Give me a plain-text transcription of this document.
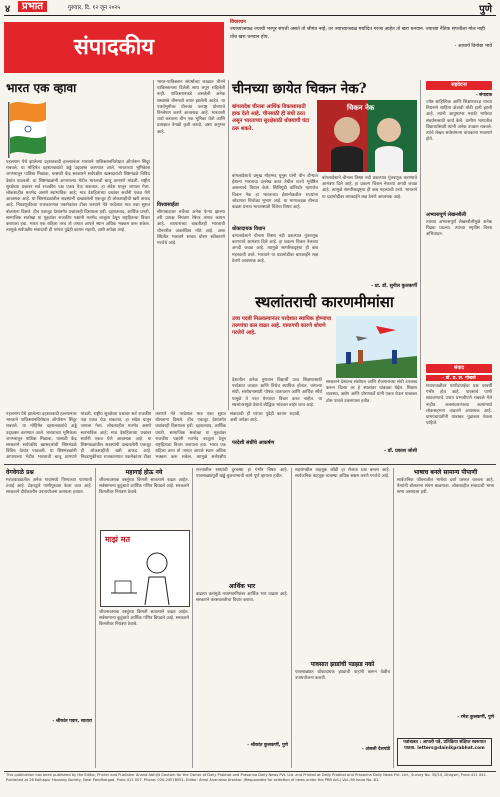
४	प्रभात	गुरुवार, दि. १२ जून २०२५	पुणे
विचारधन
ज्याच्याजवळ ज्याची भरपूर संपत्ती असते तो श्रीमंत नव्हे, तर ज्याच्याजवळ मर्यादित गरजा आहेत तो खरा धनवान. ज्याच्या नैतिक संपत्तीला मोल नाही तोच खरा धनवान होय.
- आचार्य विनोबा भावे
संपादकीय
भारत एक व्हावा
पहलगाम येथे झालेल्या दहशतवादी हल्ल्यानंतर भारताने पाकिस्तानविरोधात ऑपरेशन सिंदूर राबवले. या मोहिमेत दहशतवाद्यांचे अड्डे उद्ध्वस्त करण्यात आले. भारताच्या भूमिकेला जगभरातून पाठिंबा मिळावा, यासाठी केंद्र सरकारने सर्वपक्षीय खासदारांची शिष्टमंडळे विविध देशांत पाठवली. या शिष्टमंडळांनी आपापल्या भेटीत भारताची बाजू ठामपणे मांडली. राष्ट्रीय सुरक्षेच्या प्रश्नावर सर्व राजकीय पक्ष एकत्र येऊ शकतात, हा संदेश यातून जगाला गेला. लोकशाहीत मतभेद असणे स्वाभाविक आहे; मात्र देशहिताच्या प्रश्नांवर सर्वांनी एकत्र येणे आवश्यक आहे. या शिष्टमंडळांतील सदस्यांनी दाखवलेली एकजूट ही लोकशाहीची खरी ताकद आहे. निवडणुकीच्या राजकारणात एकमेकांवर टीका करणारे नेते परदेशात मात्र एका सुरात बोलताना दिसले. हीच एकजूट देशांतर्गत प्रश्नांवरही दिसायला हवी. दहशतवाद, आर्थिक प्रगती, सामाजिक सलोखा या मुद्द्यांवर राजकीय पक्षांनी मतभेद बाजूला ठेवून राष्ट्रहिताचा विचार करायला हवा. भारत एक राहिला तरच तो जगात आपले स्थान अधिक भक्कम करू शकेल. त्यामुळे सर्वपक्षीय संवादाची ही परंपरा पुढेही कायम राहावी, अशी अपेक्षा आहे.
भारत-पाकिस्तान संघर्षाच्या काळात चीनने पाकिस्तानला दिलेली साथ लपून राहिलेली नाही. पाकिस्तानकडे असलेली अनेक शस्त्रास्त्रे चीनमध्ये तयार झालेली आहेत. या पार्श्वभूमीवर चीनच्या परराष्ट्र धोरणाचे विश्लेषण करणे आवश्यक आहे. भारताशी चर्चा करताना चीन एक भूमिका घेतो आणि प्रत्यक्षात वेगळी कृती करतो, असा अनुभव आहे.
विश्वासार्हता
सीमावादावर चर्चेच्या अनेक फेऱ्या झाल्या तरी प्रत्यक्ष नियंत्रण रेषेवर तणाव कायम आहे. व्यापाराच्या बाबतीतही भारताची चीनवरील अवलंबित्व मोठे आहे. अशा स्थितीत भारताने सावध धोरण स्वीकारणे गरजेचे आहे.
चीनच्या छायेत चिकन नेक?
बांगलादेश चीनला आर्थिक विकासासाठी हाक देतो आहे. चीनसाठी ही संधी ठरत असून भारताच्या सुरक्षेसाठी धोक्याची घंटा ठरू शकते.
चिकन नेक
बांगलादेशाचे प्रमुख मोहम्मद युनूस यांनी चीन दौऱ्यात ईशान्य भारताचा उल्लेख करत तेथील राज्ये भूवेष्टित असल्याचे विधान केले. सिलिगुडी कॉरिडॉर म्हणजेच चिकन नेक हा भारताच्या ईशान्येकडील राज्यांना जोडणारा चिंचोळा भूभाग आहे. या भागाजवळ चीनचा वाढता प्रभाव भारतासाठी चिंतेचा विषय आहे.
धोकादायक विधान
बांगलादेशाने चीनला तिस्ता नदी प्रकल्पात गुंतवणूक करण्याचे आमंत्रण दिले आहे. हा प्रकल्प चिकन नेकच्या अगदी जवळ आहे. त्यामुळे सामरिकदृष्ट्या ही बाब महत्त्वाची ठरते. भारताने या घडामोडींवर बारकाईने लक्ष ठेवणे आवश्यक आहे.
बांगलादेशाने चीनला तिस्ता नदी प्रकल्पात गुंतवणूक करण्याचे आमंत्रण दिले आहे. हा प्रकल्प चिकन नेकच्या अगदी जवळ आहे. त्यामुळे सामरिकदृष्ट्या ही बाब महत्त्वाची ठरते. भारताने या घडामोडींवर बारकाईने लक्ष ठेवणे आवश्यक आहे.
- प्रा. डॉ. सुनील कुलकर्णी
सहवेदना
- संपादक
ज्येष्ठ साहित्यिक आणि शिक्षणतज्ज्ञ यांच्या निधनाने साहित्य क्षेत्राची मोठी हानी झाली आहे. त्यांनी आयुष्यभर मराठी भाषेच्या संवर्धनासाठी कार्य केले. ग्रामीण भागातील विद्यार्थ्यांसाठी त्यांनी अनेक उपक्रम राबवले. त्यांचे लेखन सर्वसामान्य वाचकांना भावणारे होते.
अभ्यासपूर्ण लेखनशैली
त्यांच्या अभ्यासपूर्ण लेखनशैलीमुळे अनेक पिढ्या घडल्या. त्यांच्या स्मृतीस विनम्र अभिवादन.
स्थलांतराची कारणमीमांसा
उच्च पदवी मिळवल्यानंतर परदेशात स्थायिक होण्याचा तरुणांचा कल वाढत आहे. यामागची कारणे शोधणे गरजेचे आहे.
देशातील अनेक गुणवान विद्यार्थी उच्च शिक्षणासाठी परदेशात जातात आणि तिथेच स्थायिक होतात. चांगल्या संधी, संशोधनासाठी पोषक वातावरण आणि आर्थिक स्थैर्य यामुळे ते परत येण्याचा विचार करत नाहीत. या स्थलांतरामुळे देशाचे बौद्धिक भांडवल बाहेर जात आहे.
सरकारने देशातच संशोधन आणि रोजगाराच्या संधी उपलब्ध करून दिल्या तर हे स्थलांतर थांबवता येईल. शिक्षण व्यवस्था, उद्योग आणि धोरणकर्ते यांनी एकत्र येऊन याबाबत ठोस पावले उचलायला हवीत.
परदेशी संधींचे आकर्षण
- डॉ. प्रकाश जोशी
संवाद
- डॉ. प्र. ल. गोखले
गावपातळीवर पाणीटंचाईचा प्रश्न दरवर्षी गंभीर होत आहे. पावसाचे पाणी साठवण्याचे उपाय प्रभावीपणे राबवले गेले नाहीत. जलसंधारणाच्या कामांमध्ये लोकसहभाग वाढवणे आवश्यक आहे. ग्रामपंचायतींनी याबाबत पुढाकार घेतला पाहिजे.
पहलगाम येथे झालेल्या दहशतवादी हल्ल्यानंतर भारताने पाकिस्तानविरोधात ऑपरेशन सिंदूर राबवले. या मोहिमेत दहशतवाद्यांचे अड्डे उद्ध्वस्त करण्यात आले. भारताच्या भूमिकेला जगभरातून पाठिंबा मिळावा, यासाठी केंद्र सरकारने सर्वपक्षीय खासदारांची शिष्टमंडळे विविध देशांत पाठवली. या शिष्टमंडळांनी आपापल्या भेटीत भारताची बाजू ठामपणे मांडली. राष्ट्रीय सुरक्षेच्या प्रश्नावर सर्व राजकीय पक्ष एकत्र येऊ शकतात, हा संदेश यातून जगाला गेला. लोकशाहीत मतभेद असणे स्वाभाविक आहे; मात्र देशहिताच्या प्रश्नांवर सर्वांनी एकत्र येणे आवश्यक आहे. या शिष्टमंडळांतील सदस्यांनी दाखवलेली एकजूट ही लोकशाहीची खरी ताकद आहे. निवडणुकीच्या राजकारणात एकमेकांवर टीका करणारे नेते परदेशात मात्र एका सुरात बोलताना दिसले. हीच एकजूट देशांतर्गत प्रश्नांवरही दिसायला हवी. दहशतवाद, आर्थिक प्रगती, सामाजिक सलोखा या मुद्द्यांवर राजकीय पक्षांनी मतभेद बाजूला ठेवून राष्ट्रहिताचा विचार करायला हवा. भारत एक राहिला तरच तो जगात आपले स्थान अधिक भक्कम करू शकेल. त्यामुळे सर्वपक्षीय संवादाची ही परंपरा पुढेही कायम राहावी, अशी अपेक्षा आहे.
वेगवेगळे प्रश्न
मराठवाड्यातील अनेक गावांमध्ये पिण्याच्या पाण्याची टंचाई आहे. टँकरद्वारे पाणीपुरवठा केला जात आहे. सरकारने दीर्घकालीन उपाययोजना करायला हव्यात.
- श्रीकांत पवार, सातारा
महागाई होऊ नये
जीवनावश्यक वस्तूंच्या किमती सातत्याने वाढत आहेत. सर्वसामान्य कुटुंबाचे आर्थिक गणित बिघडले आहे. सरकारने किमतीवर नियंत्रण ठेवावे.
माझं मत
जीवनावश्यक वस्तूंच्या किमती सातत्याने वाढत आहेत. सर्वसामान्य कुटुंबाचे आर्थिक गणित बिघडले आहे. सरकारने किमतीवर नियंत्रण ठेवावे.
राज्यातील रस्त्यांची दुरवस्था हा गंभीर विषय आहे. पावसाळ्यापूर्वी खड्डे बुजवण्याची कामे पूर्ण व्हायला हवीत.
आर्थिक भार
वाढत्या करांमुळे मध्यमवर्गीयांवर आर्थिक भार वाढला आहे. सरकारने करसवलतीचा विचार करावा.
- श्रीकांत कुलकर्णी, पुणे
शहरांमधील वाहतूक कोंडी हा रोजचा प्रश्न बनला आहे. सार्वजनिक वाहतूक व्यवस्था अधिक सक्षम करणे गरजेचे आहे.
पावसात झाडांची पडझड नको
पावसाळ्यात धोकादायक झाडांची पाहणी करून वेळीच उपाययोजना करावी.
- अंजली देशपांडे
भाषाच बनले सामान्य पीपाणी
सार्वजनिक जीवनातील भाषेचा दर्जा घसरत चालला आहे. नेत्यांनी बोलताना संयम बाळगावा. लोकशाहीत संवादाची भाषा सभ्य असायला हवी.
- रमेश कुलकर्णी, पुणे
पत्रांबाबत : आपली पत्रे, प्रतिक्रिया संक्षिप्त स्वरूपात पाठवा. letters@dainikprabhat.com
This publication has been published by the Editor, Printer and Publisher Anand Abhijit Gautam for the Owner of Daily Prabhat and Prasanna Daily News Pvt. Ltd. and Printed at Daily Prabhat and Prasanna Daily News Pvt. Ltd., Survey No. 35/10, Dhayari, Pune-411 041. Published at 26 Kolhapur Housing Society, Near Pandhargad, Pune-411 007. Phone: 020-24578551. Editor: Amol Anandrao Aroskar. (Responsible for selection of news under the PRB Act.) Vol.-96 Issue No.-81.
